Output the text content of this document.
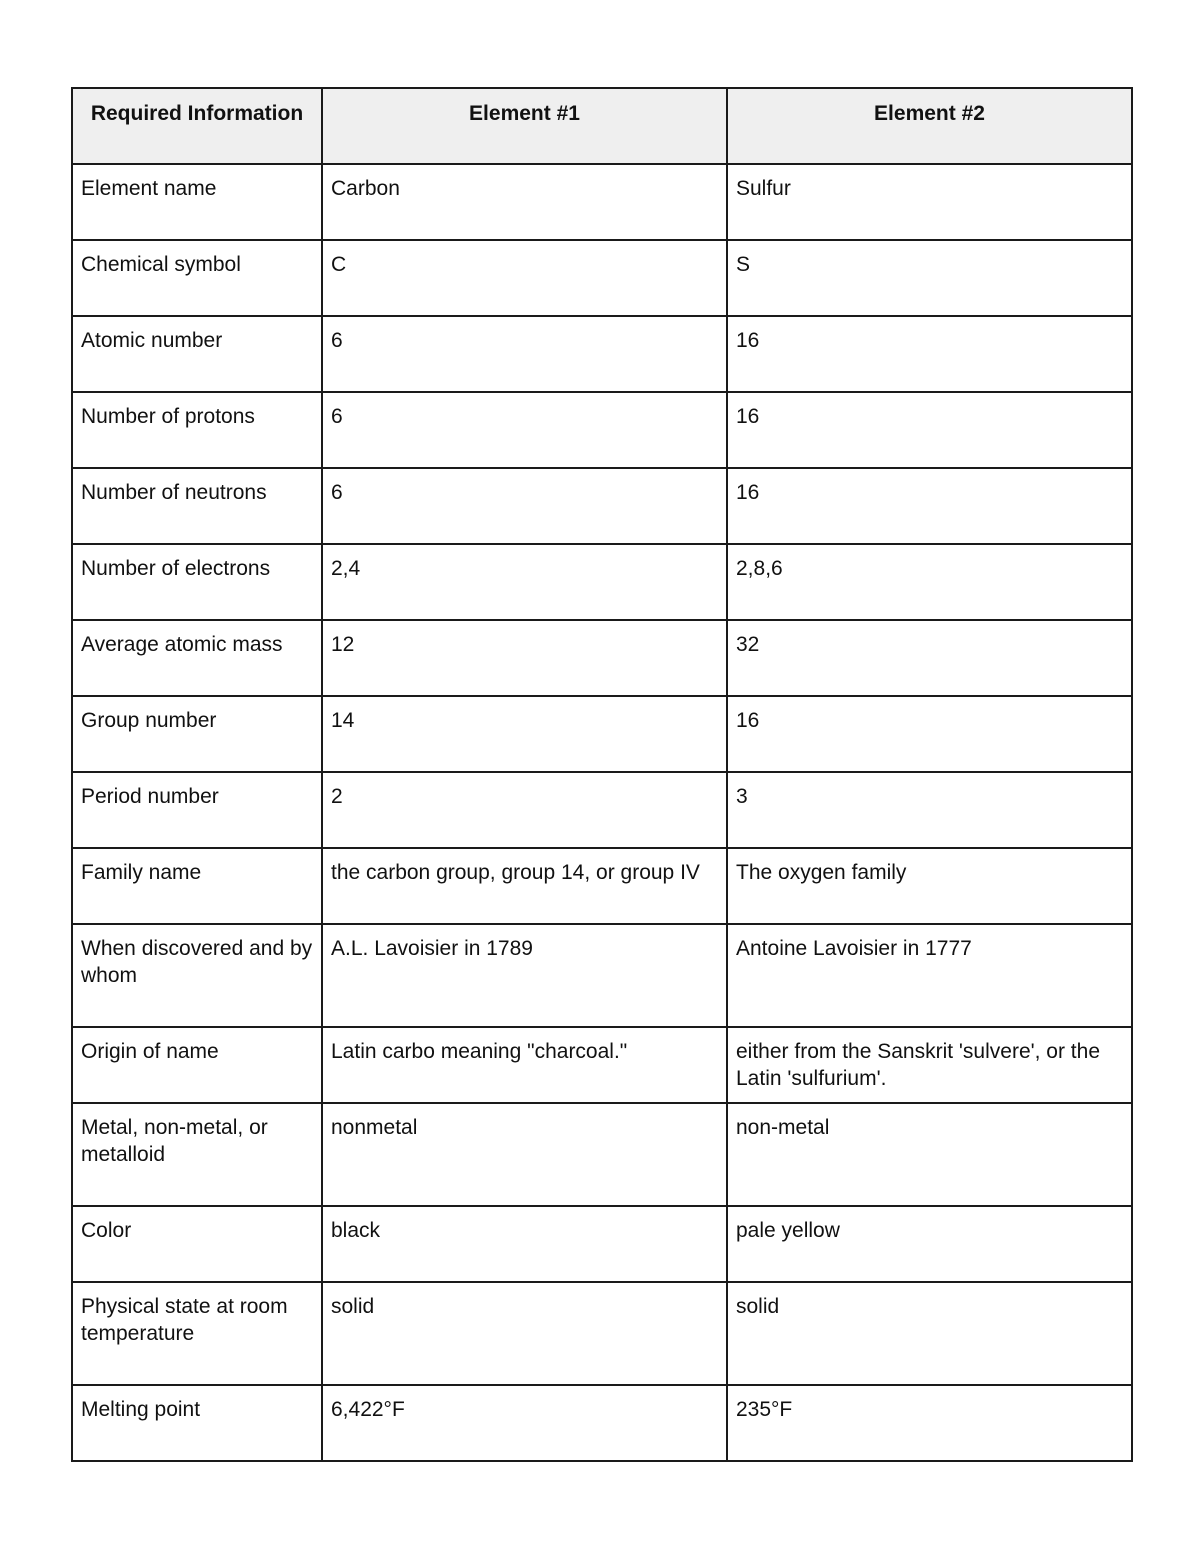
Required Information	Element #1	Element #2
Element name	Carbon	Sulfur
Chemical symbol	C	S
Atomic number	6	16
Number of protons	6	16
Number of neutrons	6	16
Number of electrons	2,4	2,8,6
Average atomic mass	12	32
Group number	14	16
Period number	2	3
Family name	the carbon group, group 14, or group IV	The oxygen family
When discovered and by whom	A.L. Lavoisier in 1789	Antoine Lavoisier in 1777
Origin of name	Latin carbo meaning "charcoal."	either from the Sanskrit 'sulvere', or the Latin 'sulfurium'.
Metal, non-metal, or metalloid	nonmetal	non-metal
Color	black	pale yellow
Physical state at room temperature	solid	solid
Melting point	6,422°F	235°F
